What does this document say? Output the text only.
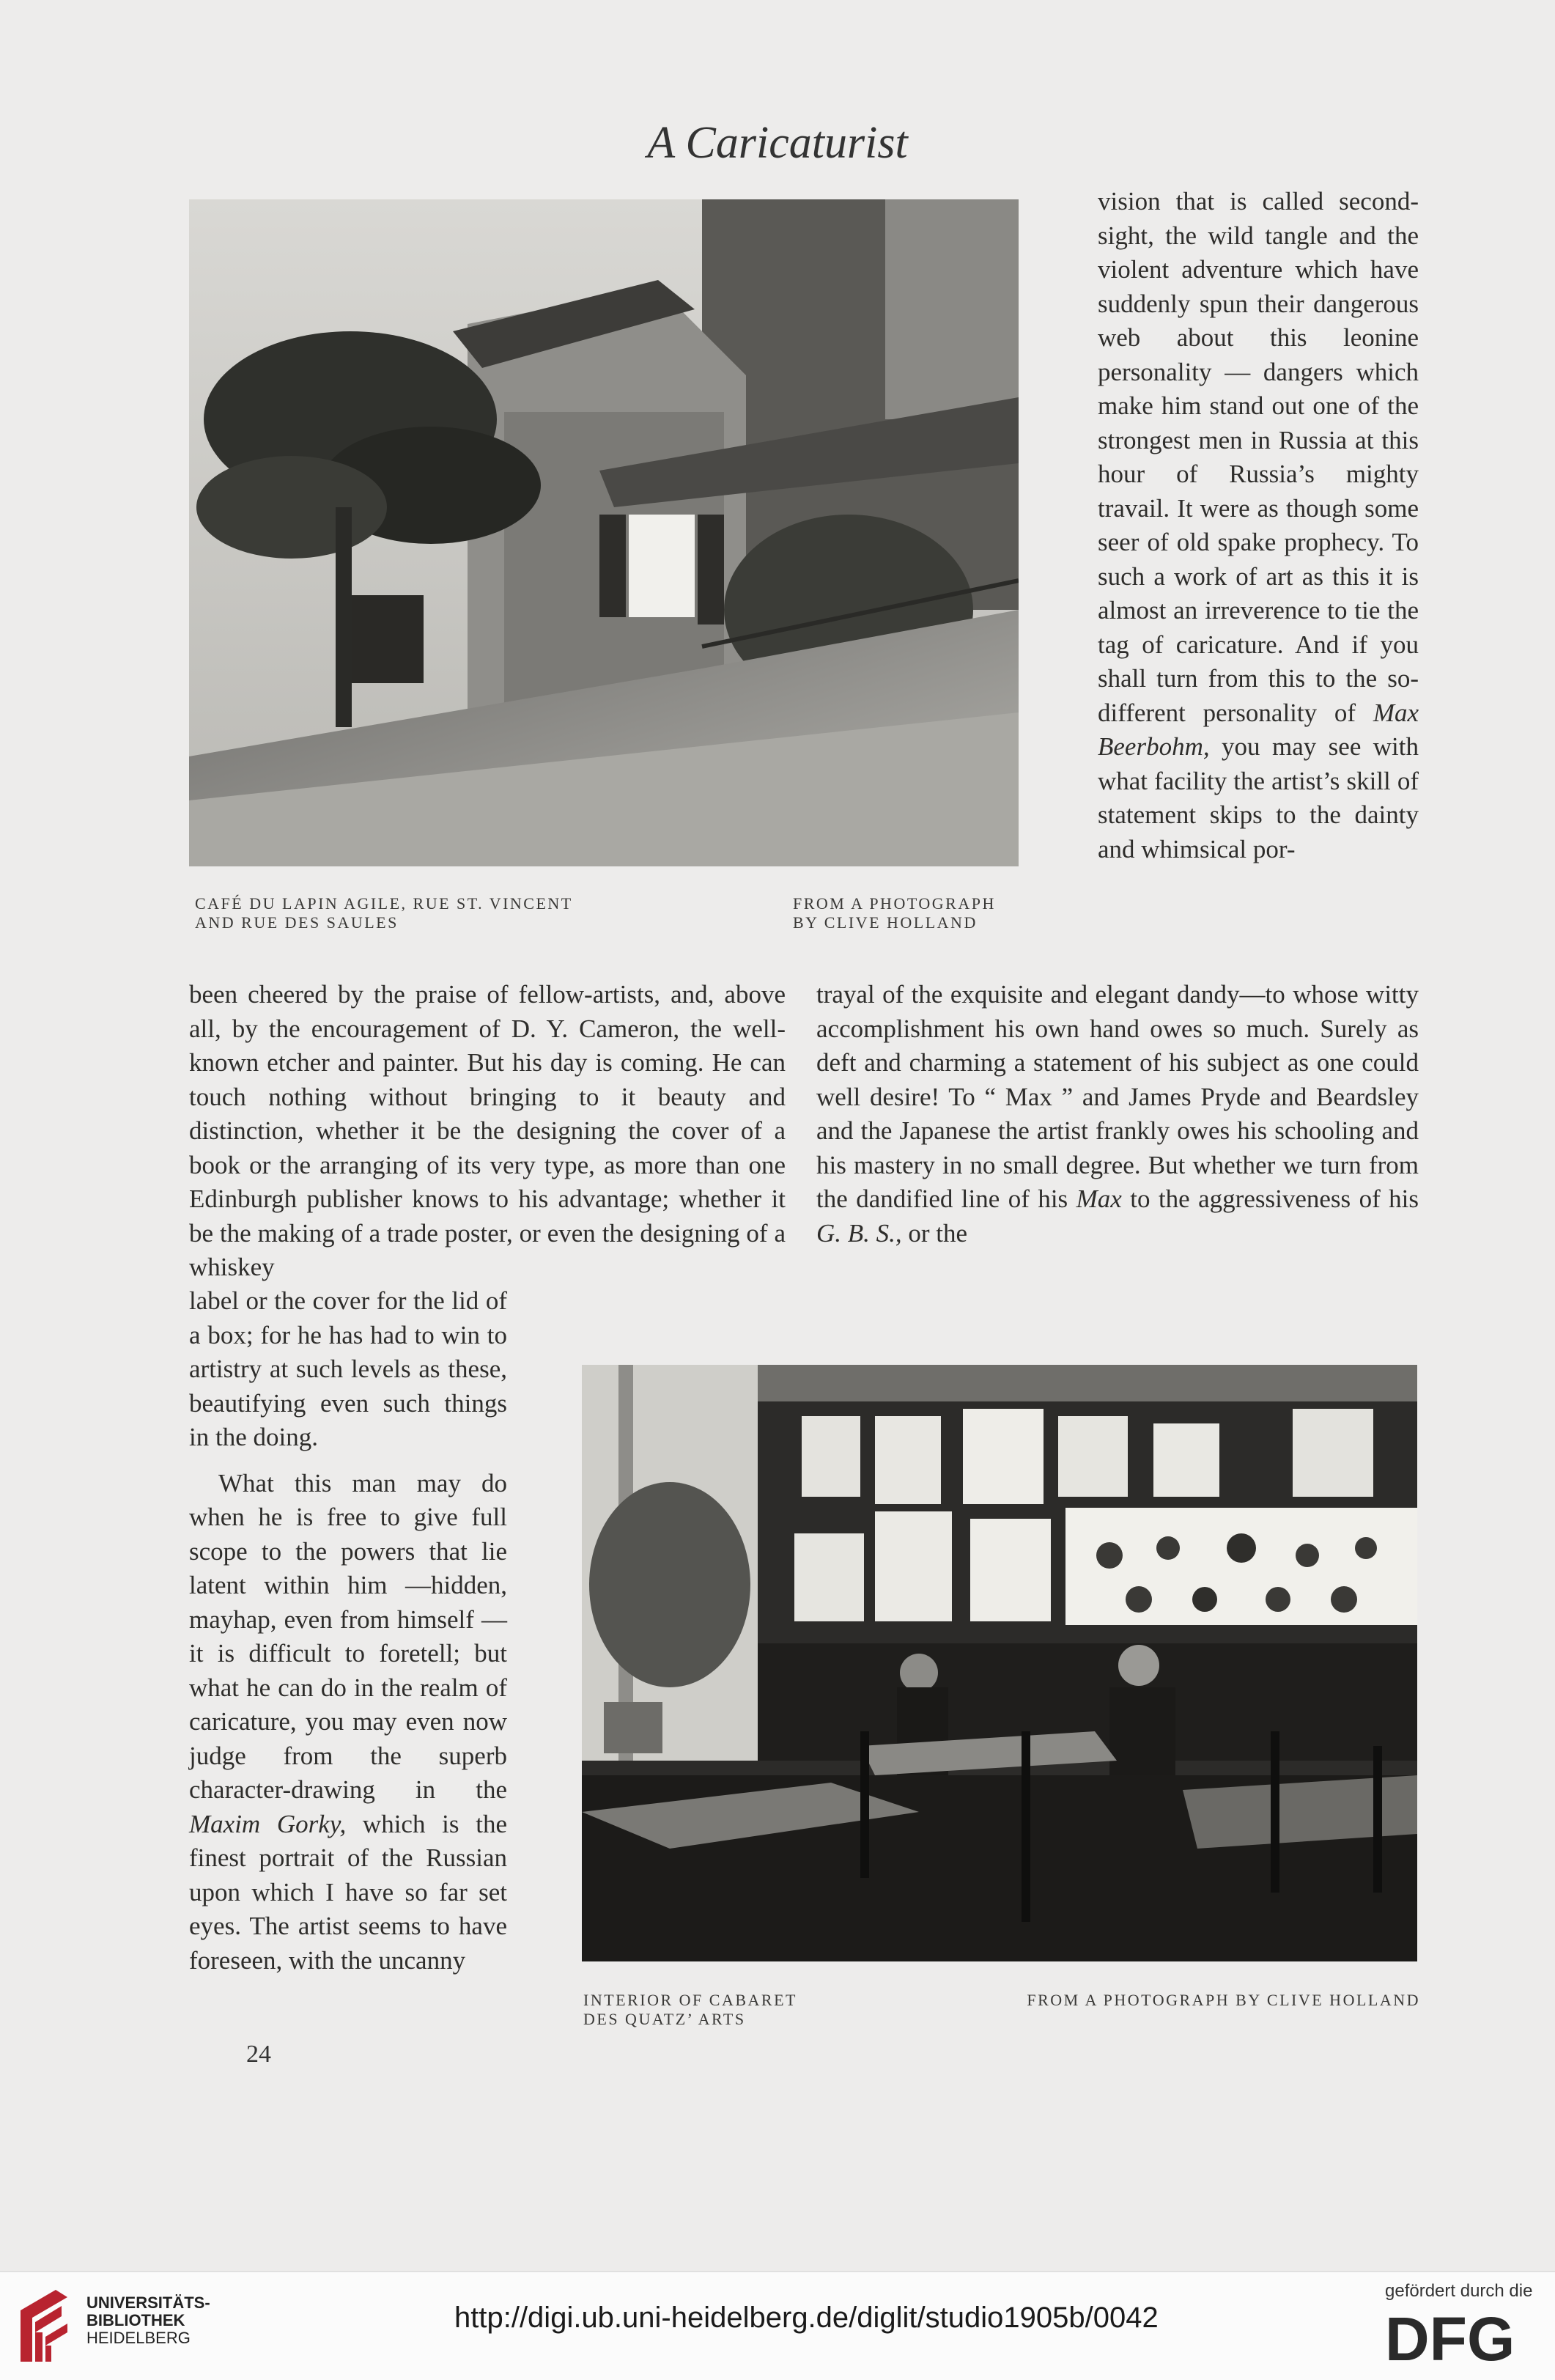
A Caricaturist
CAFÉ DU LAPIN AGILE, RUE ST. VINCENT
AND RUE DES SAULES
FROM A PHOTOGRAPH
BY CLIVE HOLLAND

vision that is called second-sight, the wild tangle and the violent adventure which have suddenly spun their dangerous web about this leonine personality — dangers which make him stand out one of the strongest men in Russia at this hour of Russia’s mighty travail. It were as though some seer of old spake prophecy. To such a work of art as this it is almost an irreverence to tie the tag of caricature. And if you shall turn from this to the so-different personality of Max Beerbohm, you may see with what facility the artist’s skill of statement skips to the dainty and whimsical por-

been cheered by the praise of fellow-artists, and, above all, by the encouragement of D. Y. Cameron, the well-known etcher and painter. But his day is coming. He can touch nothing without bringing to it beauty and distinction, whether it be the designing the cover of a book or the arranging of its very type, as more than one Edinburgh publisher knows to his advantage; whether it be the making of a trade poster, or even the designing of a whiskey

trayal of the exquisite and elegant dandy—to whose witty accomplishment his own hand owes so much. Surely as deft and charming a statement of his subject as one could well desire! To “ Max ” and James Pryde and Beardsley and the Japanese the artist frankly owes his schooling and his mastery in no small degree. But whether we turn from the dandified line of his Max to the aggressiveness of his G. B. S., or the

label or the cover for the lid of a box; for he has had to win to artistry at such levels as these, beautifying even such things in the doing.

What this man may do when he is free to give full scope to the powers that lie latent within him —hidden, mayhap, even from himself —it is difficult to foretell; but what he can do in the realm of caricature, you may even now judge from the superb character-drawing in the Maxim Gorky, which is the finest portrait of the Russian upon which I have so far set eyes. The artist seems to have foreseen, with the uncanny

INTERIOR OF CABARET
DES QUATZ’ ARTS
FROM A PHOTOGRAPH BY CLIVE HOLLAND
24
UNIVERSITÄTS-
BIBLIOTHEK
HEIDELBERG
http://digi.ub.uni-heidelberg.de/diglit/studio1905b/0042
gefördert durch die
DFG
